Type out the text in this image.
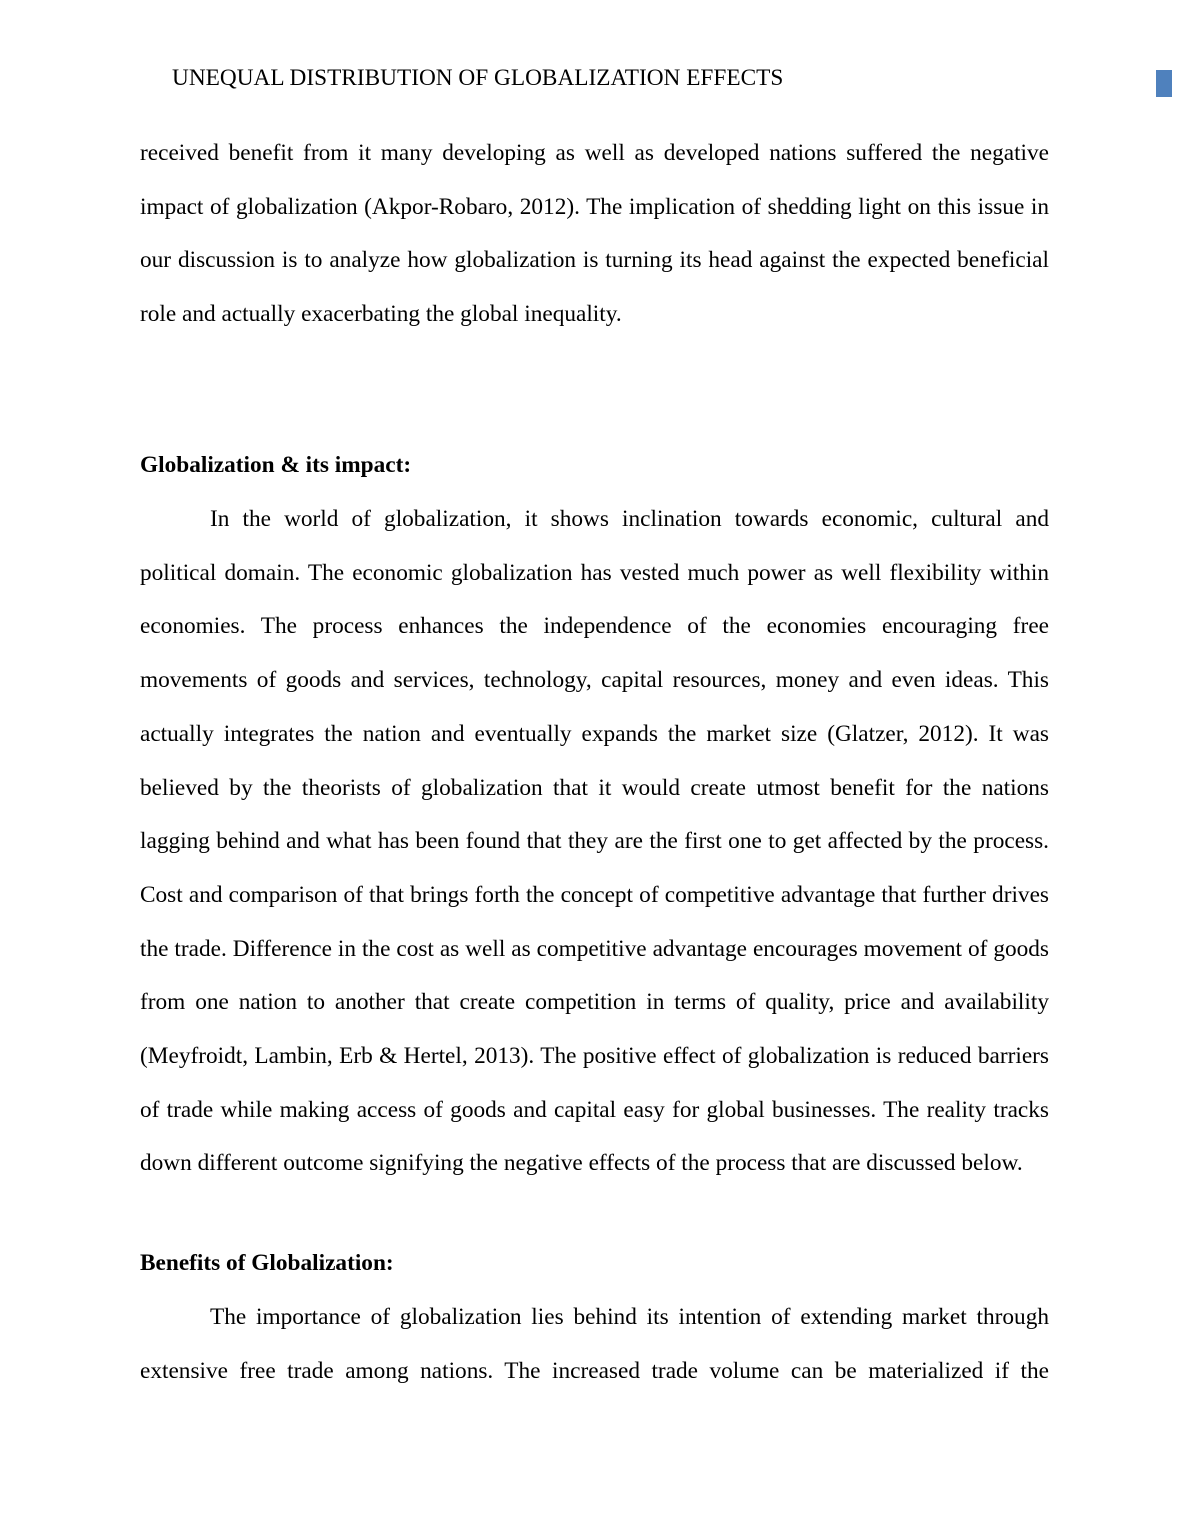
UNEQUAL DISTRIBUTION OF GLOBALIZATION EFFECTS

received benefit from it many developing as well as developed nations suffered the negative impact of globalization (Akpor-Robaro, 2012). The implication of shedding light on this issue in our discussion is to analyze how globalization is turning its head against the expected beneficial role and actually exacerbating the global inequality.

Globalization & its impact:

In the world of globalization, it shows inclination towards economic, cultural and political domain. The economic globalization has vested much power as well flexibility within economies. The process enhances the independence of the economies encouraging free movements of goods and services, technology, capital resources, money and even ideas. This actually integrates the nation and eventually expands the market size (Glatzer, 2012). It was believed by the theorists of globalization that it would create utmost benefit for the nations lagging behind and what has been found that they are the first one to get affected by the process. Cost and comparison of that brings forth the concept of competitive advantage that further drives the trade. Difference in the cost as well as competitive advantage encourages movement of goods from one nation to another that create competition in terms of quality, price and availability (Meyfroidt, Lambin, Erb & Hertel, 2013). The positive effect of globalization is reduced barriers of trade while making access of goods and capital easy for global businesses. The reality tracks down different outcome signifying the negative effects of the process that are discussed below.

Benefits of Globalization:

The importance of globalization lies behind its intention of extending market through extensive free trade among nations. The increased trade volume can be materialized if the
